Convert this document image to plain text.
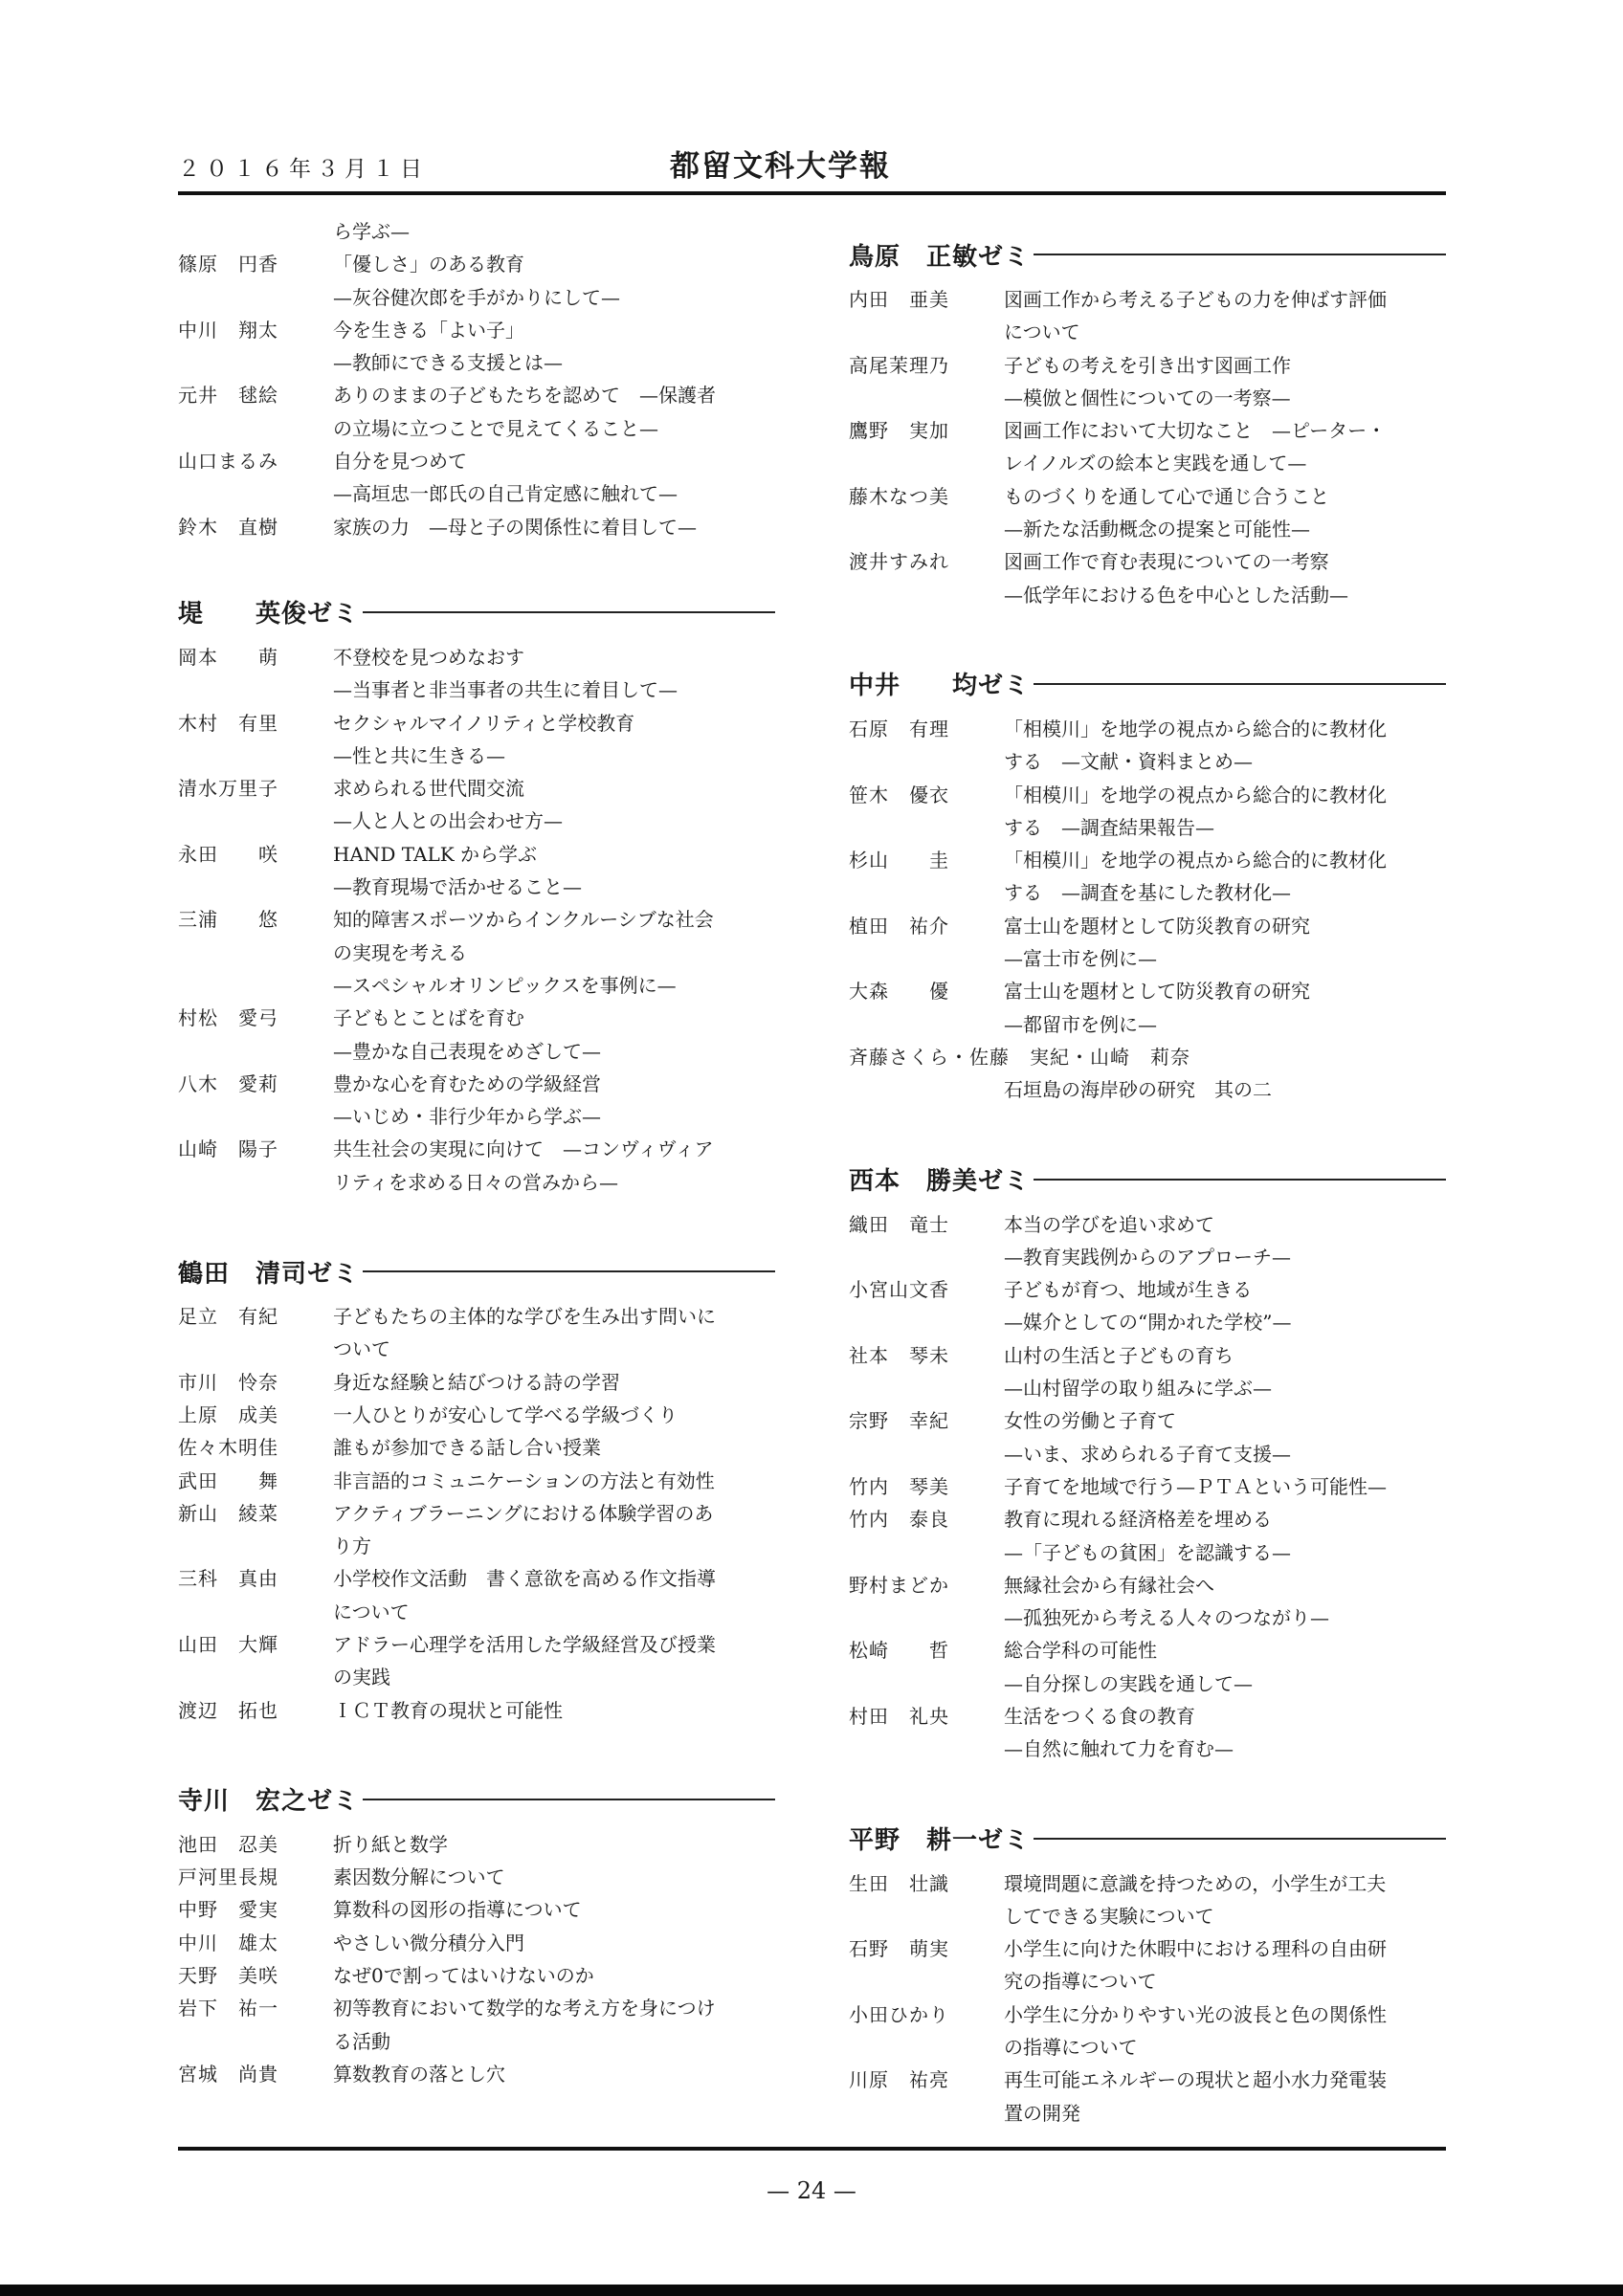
２０１６年３月１日	都留文科大学報
ら学ぶ—
篠原　円香	「優しさ」のある教育
—灰谷健次郎を手がかりにして—
中川　翔太	今を生きる「よい子」
—教師にできる支援とは—
元井　毬絵	ありのままの子どもたちを認めて　—保護者
の立場に立つことで見えてくること—
山口まるみ	自分を見つめて
—高垣忠一郎氏の自己肯定感に触れて—
鈴木　直樹	家族の力　—母と子の関係性に着目して—
堤　　英俊ゼミ
岡本　　萌	不登校を見つめなおす
—当事者と非当事者の共生に着目して—
木村　有里	セクシャルマイノリティと学校教育
—性と共に生きる—
清水万里子	求められる世代間交流
—人と人との出会わせ方—
永田　　咲	HAND TALK から学ぶ
—教育現場で活かせること—
三浦　　悠	知的障害スポーツからインクルーシブな社会
の実現を考える
—スペシャルオリンピックスを事例に—
村松　愛弓	子どもとことばを育む
—豊かな自己表現をめざして—
八木　愛莉	豊かな心を育むための学級経営
—いじめ・非行少年から学ぶ—
山崎　陽子	共生社会の実現に向けて　—コンヴィヴィア
リティを求める日々の営みから—
鶴田　清司ゼミ
足立　有紀	子どもたちの主体的な学びを生み出す問いに
ついて
市川　怜奈	身近な経験と結びつける詩の学習
上原　成美	一人ひとりが安心して学べる学級づくり
佐々木明佳	誰もが参加できる話し合い授業
武田　　舞	非言語的コミュニケーションの方法と有効性
新山　綾菜	アクティブラーニングにおける体験学習のあ
り方
三科　真由	小学校作文活動　書く意欲を高める作文指導
について
山田　大輝	アドラー心理学を活用した学級経営及び授業
の実践
渡辺　拓也	ＩＣＴ教育の現状と可能性
寺川　宏之ゼミ
池田　忍美	折り紙と数学
戸河里長規	素因数分解について
中野　愛実	算数科の図形の指導について
中川　雄太	やさしい微分積分入門
天野　美咲	なぜ0で割ってはいけないのか
岩下　祐一	初等教育において数学的な考え方を身につけ
る活動
宮城　尚貴	算数教育の落とし穴
鳥原　正敏ゼミ
内田　亜美	図画工作から考える子どもの力を伸ばす評価
について
高尾茉理乃	子どもの考えを引き出す図画工作
—模倣と個性についての一考察—
鷹野　実加	図画工作において大切なこと　—ピーター・
レイノルズの絵本と実践を通して—
藤木なつ美	ものづくりを通して心で通じ合うこと
—新たな活動概念の提案と可能性—
渡井すみれ	図画工作で育む表現についての一考察
—低学年における色を中心とした活動—
中井　　均ゼミ
石原　有理	「相模川」を地学の視点から総合的に教材化
する　—文献・資料まとめ—
笹木　優衣	「相模川」を地学の視点から総合的に教材化
する　—調査結果報告—
杉山　　圭	「相模川」を地学の視点から総合的に教材化
する　—調査を基にした教材化—
植田　祐介	富士山を題材として防災教育の研究
—富士市を例に—
大森　　優	富士山を題材として防災教育の研究
—都留市を例に—
斉藤さくら・佐藤　実紀・山崎　莉奈
石垣島の海岸砂の研究　其の二
西本　勝美ゼミ
織田　竜士	本当の学びを追い求めて
—教育実践例からのアプローチ—
小宮山文香	子どもが育つ、地域が生きる
—媒介としての“開かれた学校”—
社本　琴未	山村の生活と子どもの育ち
—山村留学の取り組みに学ぶ—
宗野　幸紀	女性の労働と子育て
—いま、求められる子育て支援—
竹内　琴美	子育てを地域で行う—ＰＴＡという可能性—
竹内　泰良	教育に現れる経済格差を埋める
—「子どもの貧困」を認識する—
野村まどか	無縁社会から有縁社会へ
—孤独死から考える人々のつながり—
松崎　　哲	総合学科の可能性
—自分探しの実践を通して—
村田　礼央	生活をつくる食の教育
—自然に触れて力を育む—
平野　耕一ゼミ
生田　壮識	環境問題に意識を持つための，小学生が工夫
してできる実験について
石野　萌実	小学生に向けた休暇中における理科の自由研
究の指導について
小田ひかり	小学生に分かりやすい光の波長と色の関係性
の指導について
川原　祐亮	再生可能エネルギーの現状と超小水力発電装
置の開発
— 24 —
